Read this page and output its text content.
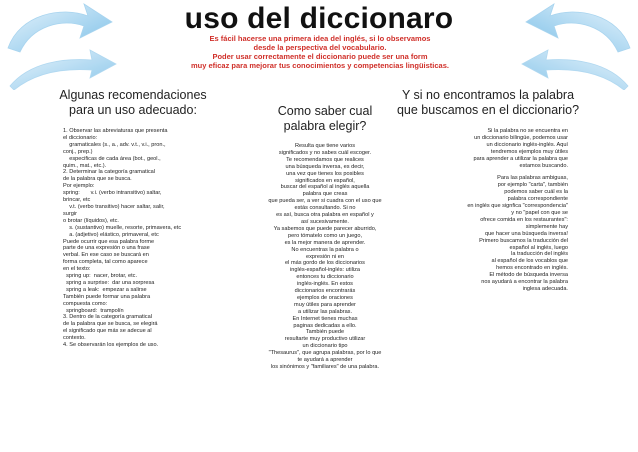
uso del diccionaro
Es fácil hacerse una primera idea del inglés, si lo observamos
desde la perspectiva del vocabulario.
Poder usar correctamente el diccionario puede ser una form
muy eficaz para mejorar tus conocimientos y competencias lingüisticas.
Algunas recomendaciones
para un uso adecuado:
1. Observar las abreviaturas que presenta
el diccionario:
gramaticales (s., a., adv. v.t., v.i., pron.,
conj., prep.)
especificas de cada área (bot., geol.,
quim., mat., etc.).
2. Determinar la categoría gramatical
de la palabra que se busca.
Por ejemplo:
spring:       v.i. (verbo intransitivo) saltar,
brincar, etc
v.t. (verbo transitivo) hacer saltar, salir,
surgir
o brotar (líquidos), etc.
s. (sustantivo) muelle, resorte, primavera, etc
a. (adjetivo) elástico, primaveral, etc
Puede ocurrir que esa palabra forme
parte de una expresión o una frase
verbal. En ese caso se buscará en
forma completa, tal como aparece
en el texto:
spring up:  nacer, brotar, etc.
spring a surprise:  dar una sorpresa
spring a leak:  empezar a salirse
También puede formar una palabra
compuesta como:
springboard:  trampolín
3. Dentro de la categoría gramatical
de la palabra que se busca, se elegirá
el significado que más se adecue al
contexto.
4. Se observarán los ejemplos de uso.
Como saber cual
palabra elegir?
Resulta que tiene varios
significados y no sabes cuál escoger.
Te recomendamos que realices
una búsqueda inversa, es decir,
una vez que tienes los posibles
significados en español,
buscar del español al inglés aquella
palabra que creas
que pueda ser, a ver si cuadra con el uso que
estás consultando. Si no
es así, busca otra palabra en español y
así sucesivamente.
Ya sabemos que puede parecer aburrido,
pero tómatelo como un juego,
es la mejor manera de aprender.
No encuentras la palabra o
expresión ni en
el más gordo de los diccionarios
inglés-español-inglés: utiliza
entonces tu diccionario
inglés-inglés. En estos
diccionarios encontrarás
ejemplos de oraciones
muy útiles para aprender
a utilizar las palabras.
En Internet tienes muchas
paginas dedicadas a ello.
También puede
resultarte muy productivo utilizar
un diccionario tipo
"Thesaurus", que agrupa palabras, por lo que
te ayudará a aprender
los sinónimos y "familiares" de una palabra.
Y si no encontramos la palabra
que buscamos en el diccionario?
Si la palabra no se encuentra en
un diccionario bilingüe, podemos usar
un diccionario inglés-inglés. Aquí
tendremos ejemplos muy útiles
para aprender a utilizar la palabra que
estamos buscando.
Para las palabras ambiguas,
por ejemplo "carta", también
podemos saber cuál es la
palabra correspondiente
en inglés que signfica "correspondencia"
y no "papel con que se
ofrece comida en los restaurantes":
simplemente hay
que hacer una búsqueda inversa!
Primero buscamos la traducción del
español al inglés, luego
la traducción del inglés
al español de los vocablos que
hemos encontrado en inglés.
El método de búsqueda inversa
nos ayudará a encontrar la palabra
inglesa adecuada.
